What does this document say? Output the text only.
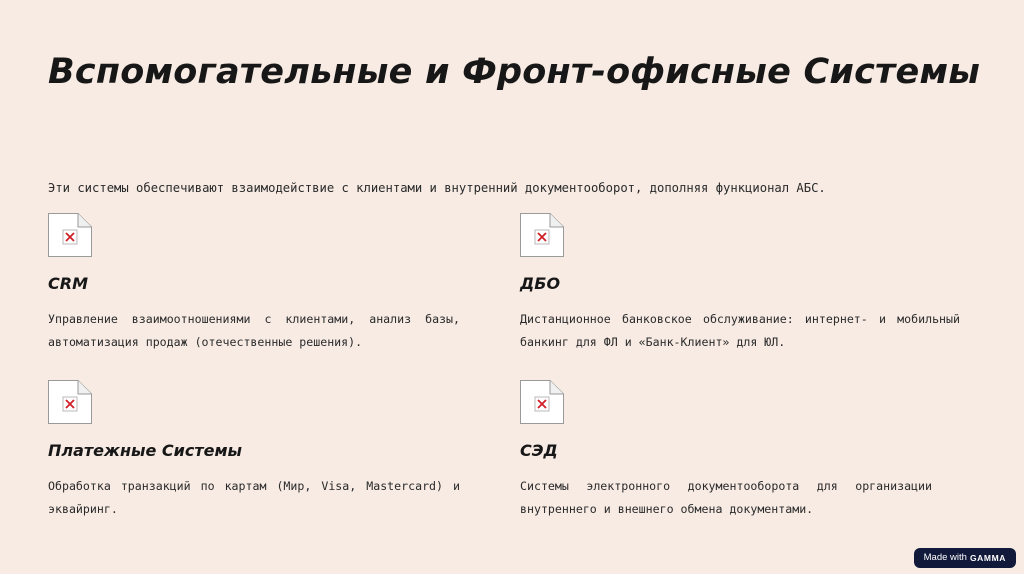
Вспомогательные и Фронт-офисные Системы
Эти системы обеспечивают взаимодействие с клиентами и внутренний документооборот, дополняя функционал АБС.
CRM
Управление взаимоотношениями с клиентами, анализ базы, автоматизация продаж (отечественные решения).
ДБО
Дистанционное банковское обслуживание: интернет- и мобильный банкинг для ФЛ и «Банк-Клиент» для ЮЛ.
Платежные Системы
Обработка транзакций по картам (Мир, Visa, Mastercard) и эквайринг.
СЭД
Системы электронного документооборота для организации внутреннего и внешнего обмена документами.
Made with GAMMA
